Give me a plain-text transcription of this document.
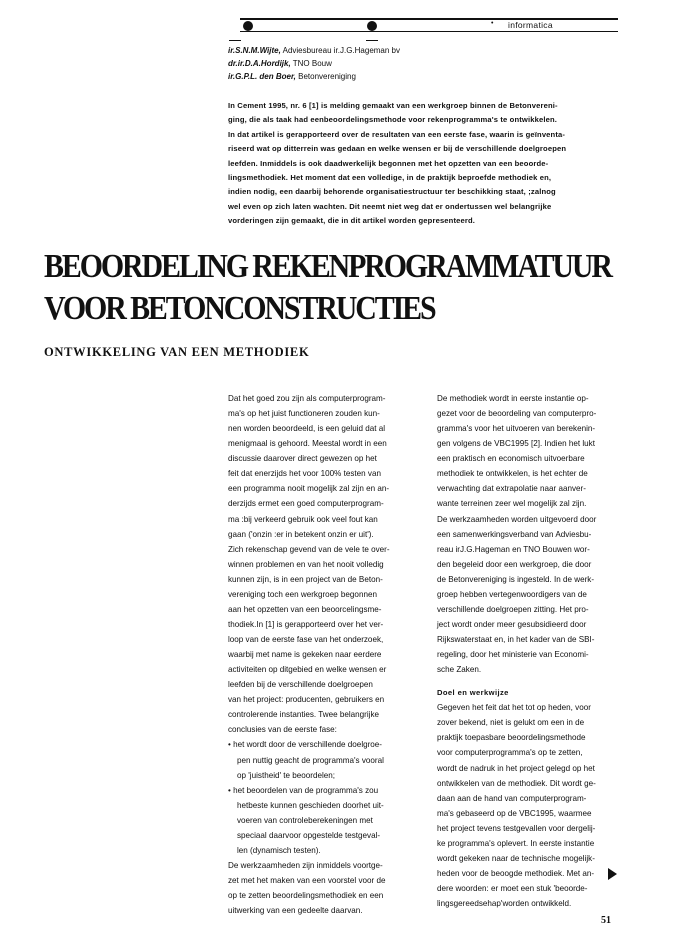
• informatica
ir.S.N.M.Wijte, Adviesbureau ir.J.G.Hageman bv
dr.ir.D.A.Hordijk, TNO Bouw
ir.G.P.L. den Boer, Betonvereniging

In Cement 1995, nr. 6 [1] is melding gemaakt van een werkgroep binnen de Betonvereni-

ging, die als taak had eenbeoordelingsmethode voor rekenprogramma's te ontwikkelen.

In dat artikel is gerapporteerd over de resultaten van een eerste fase, waarin is geïnventa-

riseerd wat op ditterrein was gedaan en welke wensen er bij de verschillende doelgroepen

leefden. Inmiddels is ook daadwerkelijk begonnen met het opzetten van een beoorde-

lingsmethodiek. Het moment dat een volledige, in de praktijk beproefde methodiek en,

indien nodig, een daarbij behorende organisatiestructuur ter beschikking staat, ;zalnog

wel even op zich laten wachten. Dit neemt niet weg dat er ondertussen wel belangrijke

vorderingen zijn gemaakt, die in dit artikel worden gepresenteerd.

BEOORDELING REKENPROGRAMMATUUR
VOOR BETONCONSTRUCTIES
ONTWIKKELING VAN EEN METHODIEK
Dat het goed zou zijn als computerprogram-
ma's op het juist functioneren zouden kun-
nen worden beoordeeld, is een geluid dat al
menigmaal is gehoord. Meestal wordt in een
discussie daarover direct gewezen op het
feit dat enerzijds het voor 100% testen van
een programma nooit mogelijk zal zijn en an-
derzijds ermet een goed computerprogram-
ma :bij verkeerd gebruik ook veel fout kan
gaan ('onzin :er in betekent onzin er uit').
Zich rekenschap gevend van de vele te over-
winnen problemen en van het nooit volledig
kunnen zijn, is in een project van de Beton-
vereniging toch een werkgroep begonnen
aan het opzetten van een beoorcelingsme-
thodiek.In [1] is gerapporteerd over het ver-
loop van de eerste fase van het onderzoek,
waarbij met name is gekeken naar eerdere
activiteiten op ditgebied en welke wensen er
leefden bij de verschillende doelgroepen
van het project: producenten, gebruikers en
controlerende instanties. Twee belangrijke
conclusies van de eerste fase:
• het wordt door de verschillende doelgroe-
pen nuttig geacht de programma's vooral
op 'juistheid' te beoordelen;
• het beoordelen van de programma's zou
hetbeste kunnen geschieden doorhet uit-
voeren van controleberekeningen met
speciaal daarvoor opgestelde testgeval-
len (dynamisch testen).
De werkzaamheden zijn inmiddels voortge-
zet met het maken van een voorstel voor de
op te zetten beoordelingsmethodiek en een
uitwerking van een gedeelte daarvan.
De methodiek wordt in eerste instantie op-
gezet voor de beoordeling van computerpro-
gramma's voor het uitvoeren van berekenin-
gen volgens de VBC1995 [2]. Indien het lukt
een praktisch en economisch uitvoerbare
methodiek te ontwikkelen, is het echter de
verwachting dat extrapolatie naar aanver-
wante terreinen zeer wel mogelijk zal zijn.
De werkzaamheden worden uitgevoerd door
een samenwerkingsverband van Adviesbu-
reau irJ.G.Hageman en TNO Bouwen wor-
den begeleid door een werkgroep, die door
de Betonvereniging is ingesteld. In de werk-
groep hebben vertegenwoordigers van de
verschillende doelgroepen zitting. Het pro-
ject wordt onder meer gesubsidieerd door
Rijkswaterstaat en, in het kader van de SBI-
regeling, door het ministerie van Economi-
sche Zaken.
Doel en werkwijze
Gegeven het feit dat het tot op heden, voor
zover bekend, niet is gelukt om een in de
praktijk toepasbare beoordelingsmethode
voor computerprogramma's op te zetten,
wordt de nadruk in het project gelegd op het
ontwikkelen van de methodiek. Dit wordt ge-
daan aan de hand van computerprogram-
ma's gebaseerd op de VBC1995, waarmee
het project tevens testgevallen voor dergelij-
ke programma's oplevert. In eerste instantie
wordt gekeken naar de technische mogelijk-
heden voor de beoogde methodiek. Met an-
dere woorden: er moet een stuk 'beoorde-
lingsgereedsehap'worden ontwikkeld.
51
